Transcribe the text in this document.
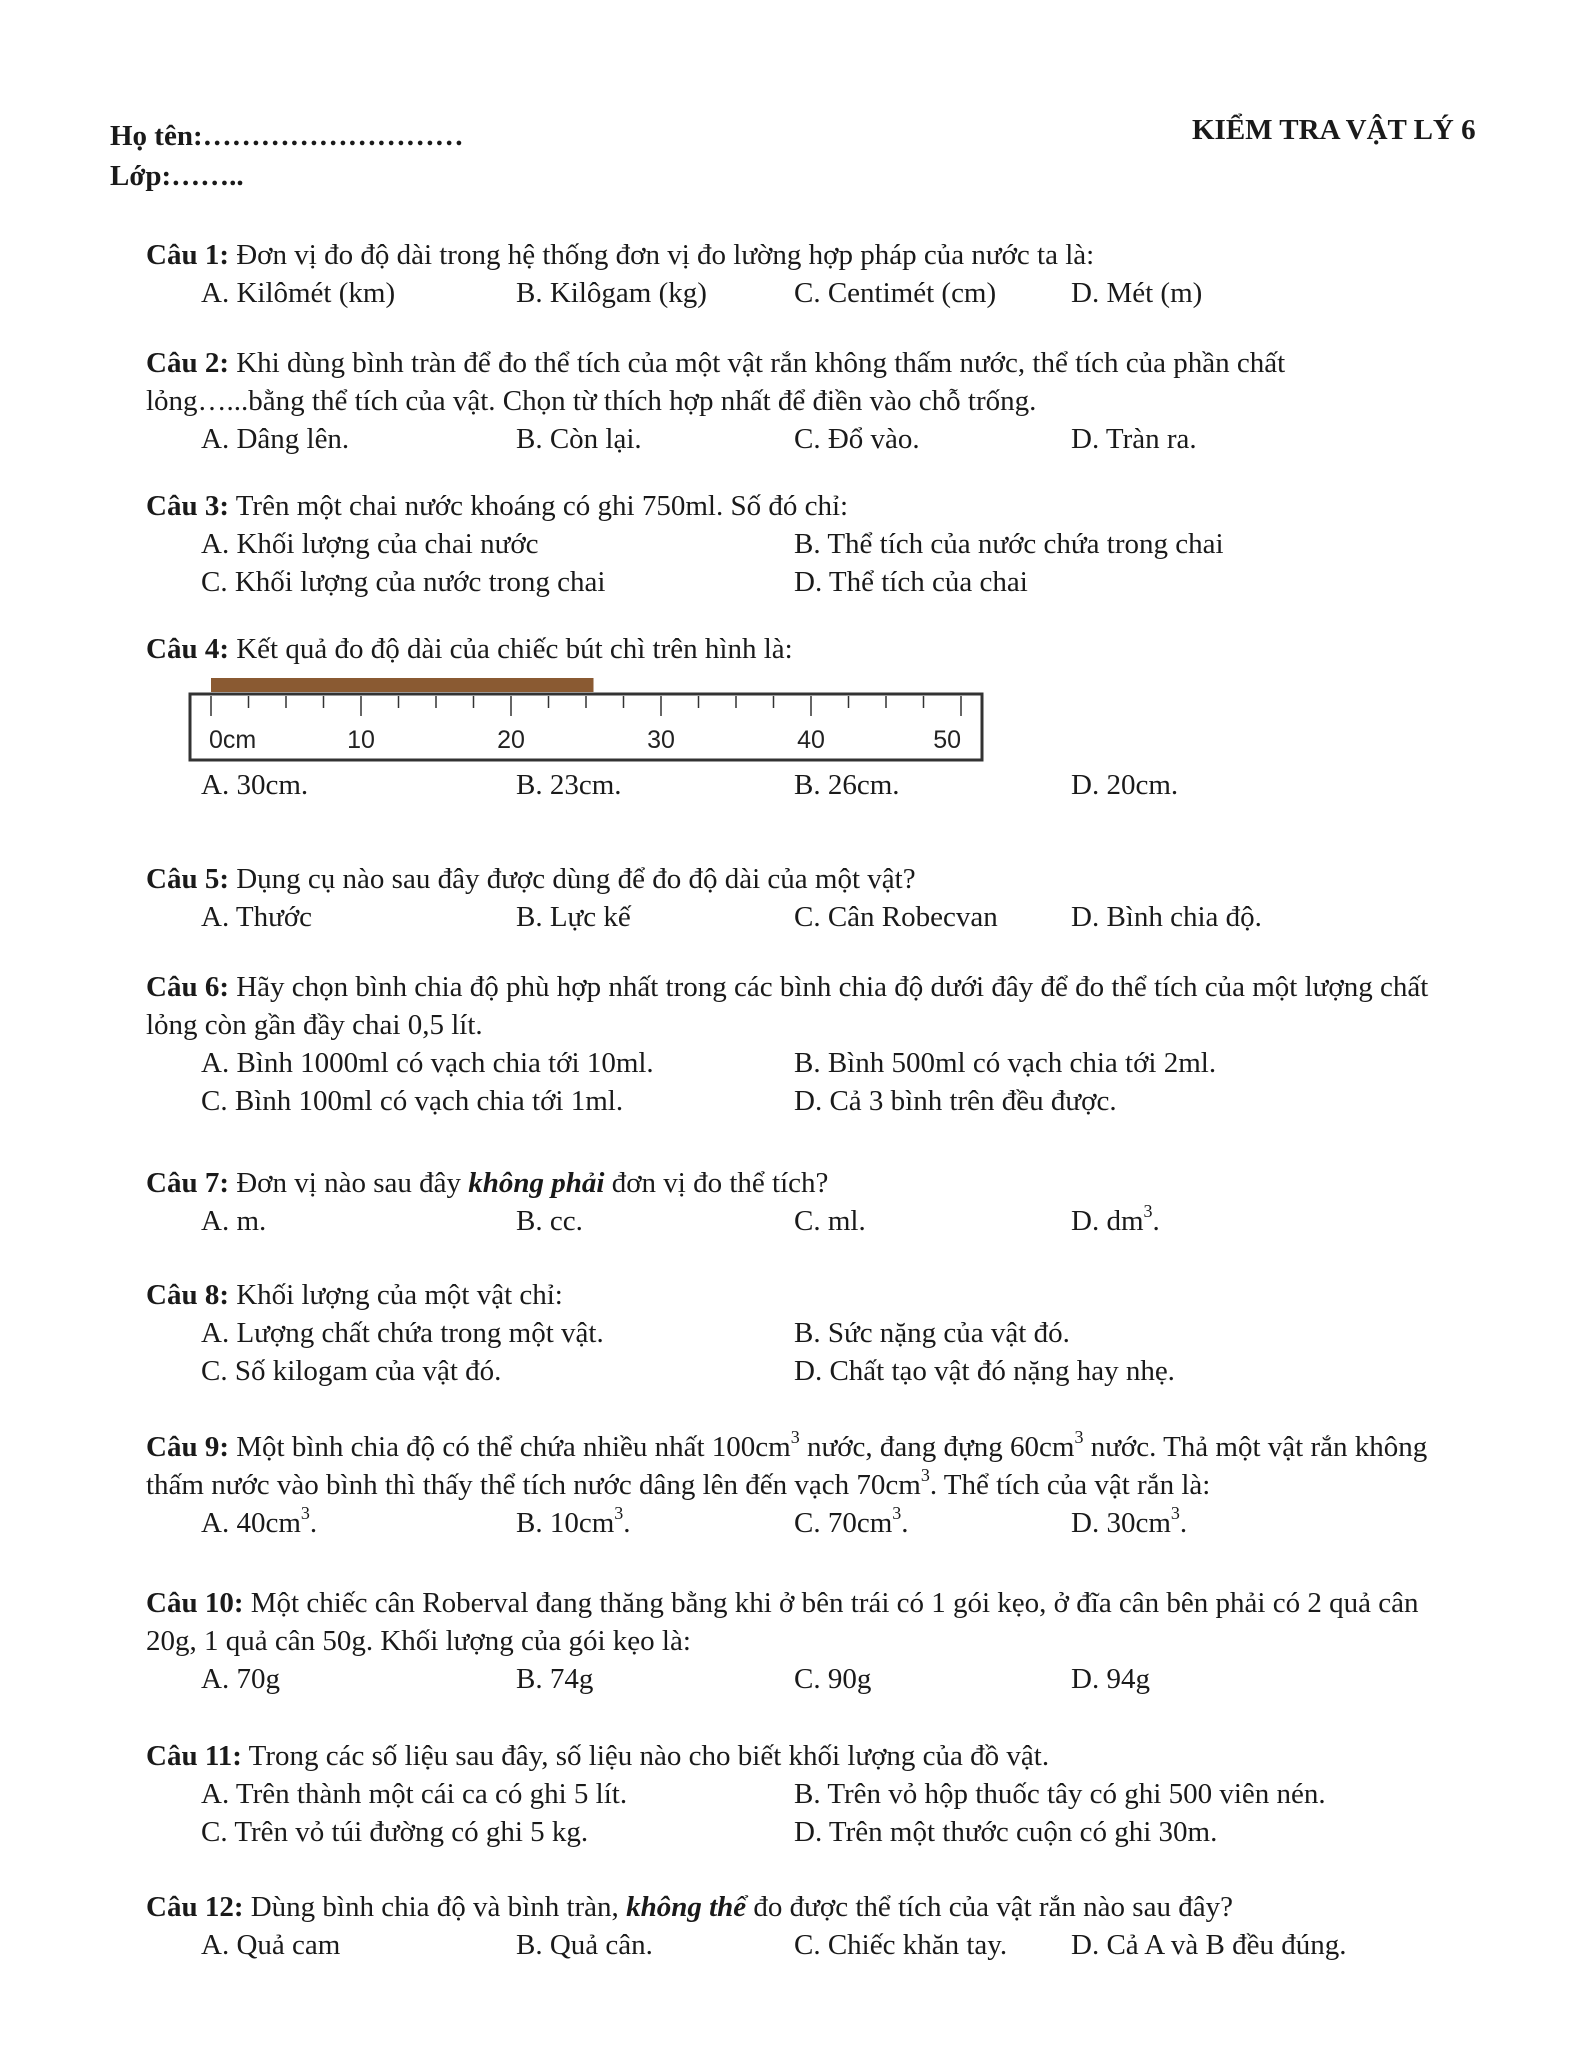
Họ tên:………………………
Lớp:……..
KIỂM TRA VẬT LÝ 6

Câu 1: Đơn vị đo độ dài trong hệ thống đơn vị đo lường hợp pháp của nước ta là:

A. Kilômét (km)	B. Kilôgam (kg)	C. Centimét (cm)	D. Mét (m)

Câu 2: Khi dùng bình tràn để đo thể tích của một vật rắn không thấm nước, thể tích của phần chất lỏng…...bằng thể tích của vật. Chọn từ thích hợp nhất để điền vào chỗ trống.

A. Dâng lên.	B. Còn lại.	C. Đổ vào.	D. Tràn ra.

Câu 3: Trên một chai nước khoáng có ghi 750ml. Số đó chỉ:

A. Khối lượng của chai nước	B. Thể tích của nước chứa trong chai
C. Khối lượng của nước trong chai	D. Thể tích của chai

Câu 4: Kết quả đo độ dài của chiếc bút chì trên hình là:

0cm	10	20	30	40	50
A. 30cm.	B. 23cm.	B. 26cm.	D. 20cm.

Câu 5: Dụng cụ nào sau đây được dùng để đo độ dài của một vật?

A. Thước	B. Lực kế	C. Cân Robecvan	D. Bình chia độ.

Câu 6: Hãy chọn bình chia độ phù hợp nhất trong các bình chia độ dưới đây để đo thể tích của một lượng chất lỏng còn gần đầy chai 0,5 lít.

A. Bình 1000ml có vạch chia tới 10ml.	B. Bình 500ml có vạch chia tới 2ml.
C. Bình 100ml có vạch chia tới 1ml.	D. Cả 3 bình trên đều được.

Câu 7: Đơn vị nào sau đây không phải đơn vị đo thể tích?

A. m.	B. cc.	C. ml.	D. $dm^3$.

Câu 8: Khối lượng của một vật chỉ:

A. Lượng chất chứa trong một vật.	B. Sức nặng của vật đó.
C. Số kilogam của vật đó.	D. Chất tạo vật đó nặng hay nhẹ.

Câu 9: Một bình chia độ có thể chứa nhiều nhất $100cm^3$ nước, đang đựng $60cm^3$ nước. Thả một vật rắn không thấm nước vào bình thì thấy thể tích nước dâng lên đến vạch $70cm^3$. Thể tích của vật rắn là:

A. $40cm^3$.	B. $10cm^3$.	C. $70cm^3$.	D. $30cm^3$.

Câu 10: Một chiếc cân Roberval đang thăng bằng khi ở bên trái có 1 gói kẹo, ở đĩa cân bên phải có 2 quả cân 20g, 1 quả cân 50g. Khối lượng của gói kẹo là:

A. 70g	B. 74g	C. 90g	D. 94g

Câu 11: Trong các số liệu sau đây, số liệu nào cho biết khối lượng của đồ vật.

A. Trên thành một cái ca có ghi 5 lít.	B. Trên vỏ hộp thuốc tây có ghi 500 viên nén.
C. Trên vỏ túi đường có ghi 5 kg.	D. Trên một thước cuộn có ghi 30m.

Câu 12: Dùng bình chia độ và bình tràn, không thể đo được thể tích của vật rắn nào sau đây?

A. Quả cam	B. Quả cân.	C. Chiếc khăn tay. D. Cả A và B đều đúng.
